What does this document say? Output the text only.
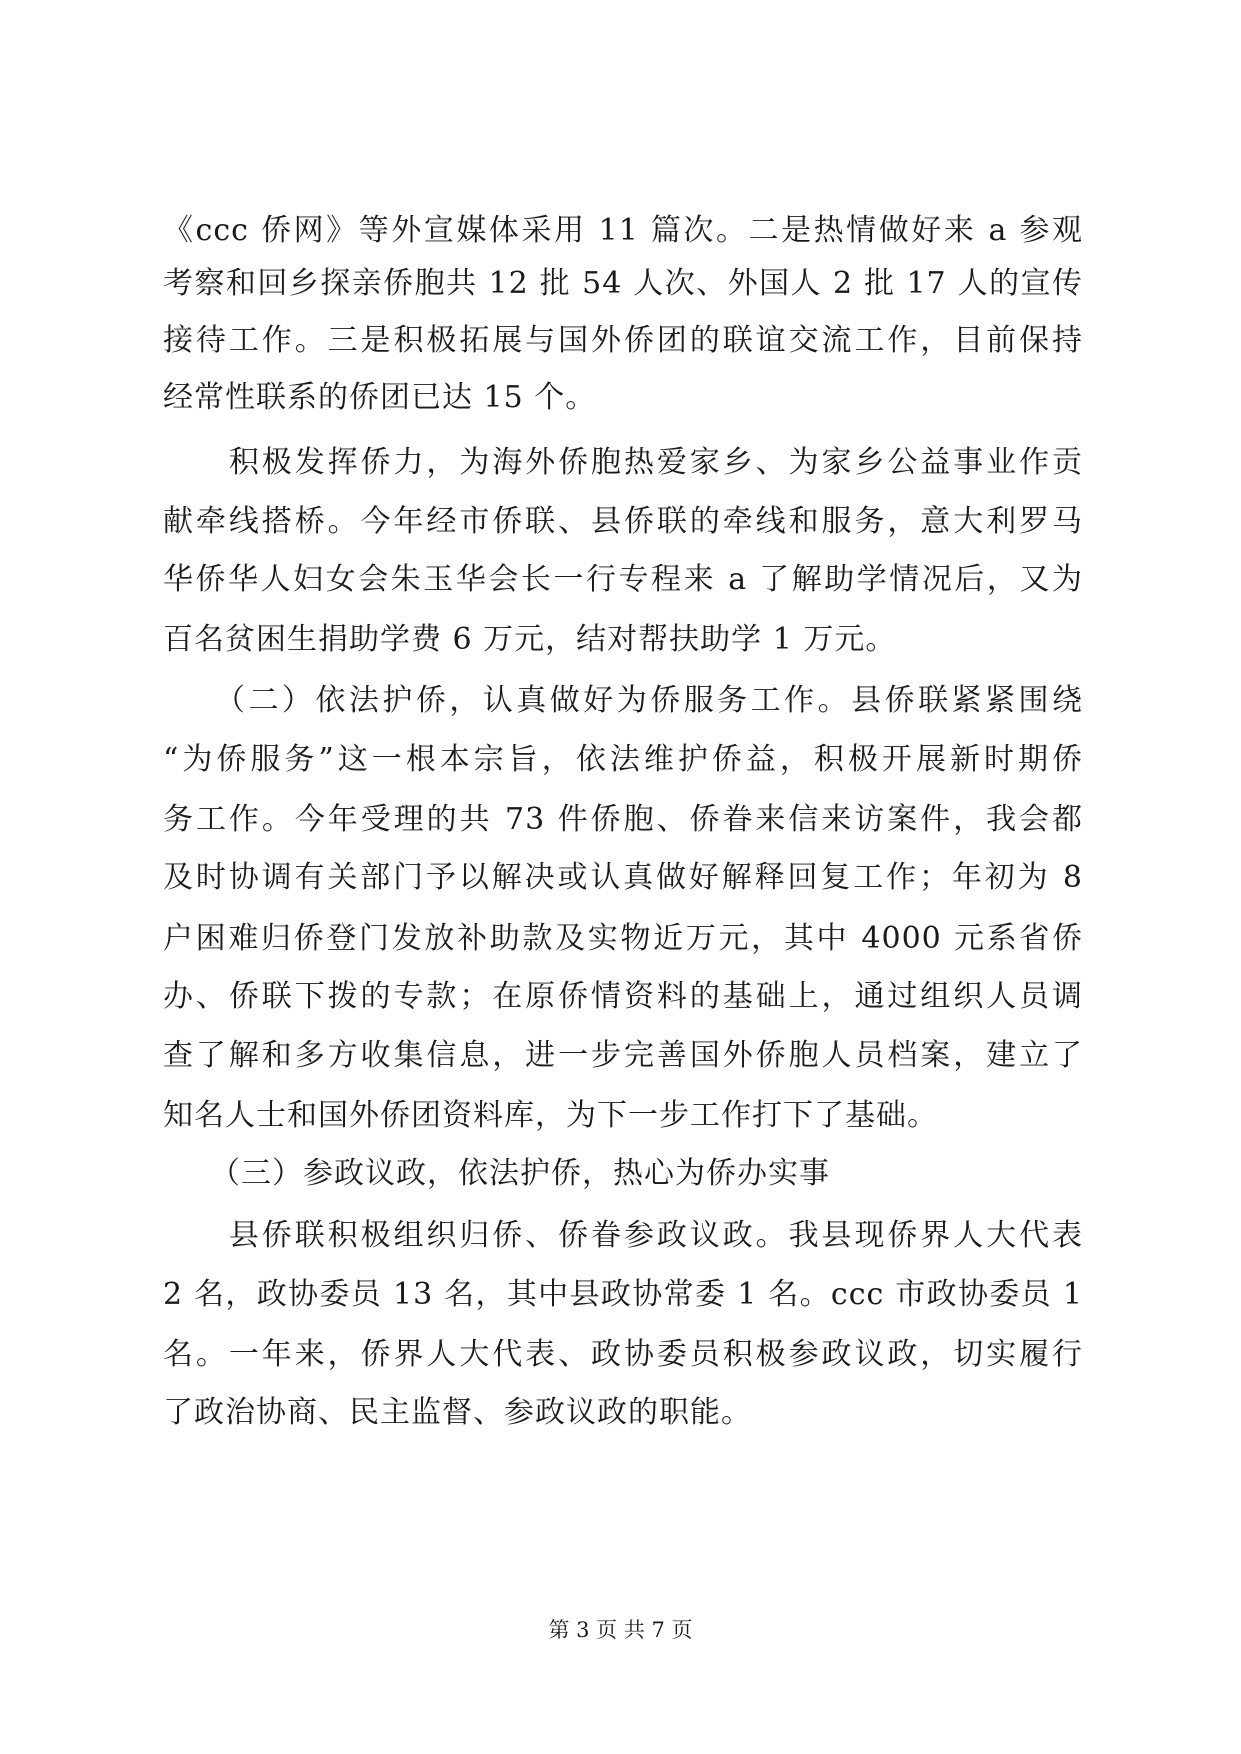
《ccc 侨网》等外宣媒体采用 11 篇次。二是热情做好来 a 参观
考察和回乡探亲侨胞共 12 批 54 人次、外国人 2 批 17 人的宣传
接待工作。三是积极拓展与国外侨团的联谊交流工作，目前保持
经常性联系的侨团已达 15 个。
　　积极发挥侨力，为海外侨胞热爱家乡、为家乡公益事业作贡
献牵线搭桥。今年经市侨联、县侨联的牵线和服务，意大利罗马
华侨华人妇女会朱玉华会长一行专程来 a 了解助学情况后，又为
百名贫困生捐助学费 6 万元，结对帮扶助学 1 万元。
　　（二）依法护侨，认真做好为侨服务工作。县侨联紧紧围绕
“为侨服务”这一根本宗旨，依法维护侨益，积极开展新时期侨
务工作。今年受理的共 73 件侨胞、侨眷来信来访案件，我会都
及时协调有关部门予以解决或认真做好解释回复工作；年初为 8
户困难归侨登门发放补助款及实物近万元，其中 4000 元系省侨
办、侨联下拨的专款；在原侨情资料的基础上，通过组织人员调
查了解和多方收集信息，进一步完善国外侨胞人员档案，建立了
知名人士和国外侨团资料库，为下一步工作打下了基础。
　　（三）参政议政，依法护侨，热心为侨办实事
　　县侨联积极组织归侨、侨眷参政议政。我县现侨界人大代表
2 名，政协委员 13 名，其中县政协常委 1 名。ccc 市政协委员 1
名。一年来，侨界人大代表、政协委员积极参政议政，切实履行
了政治协商、民主监督、参政议政的职能。
第 3 页 共 7 页
